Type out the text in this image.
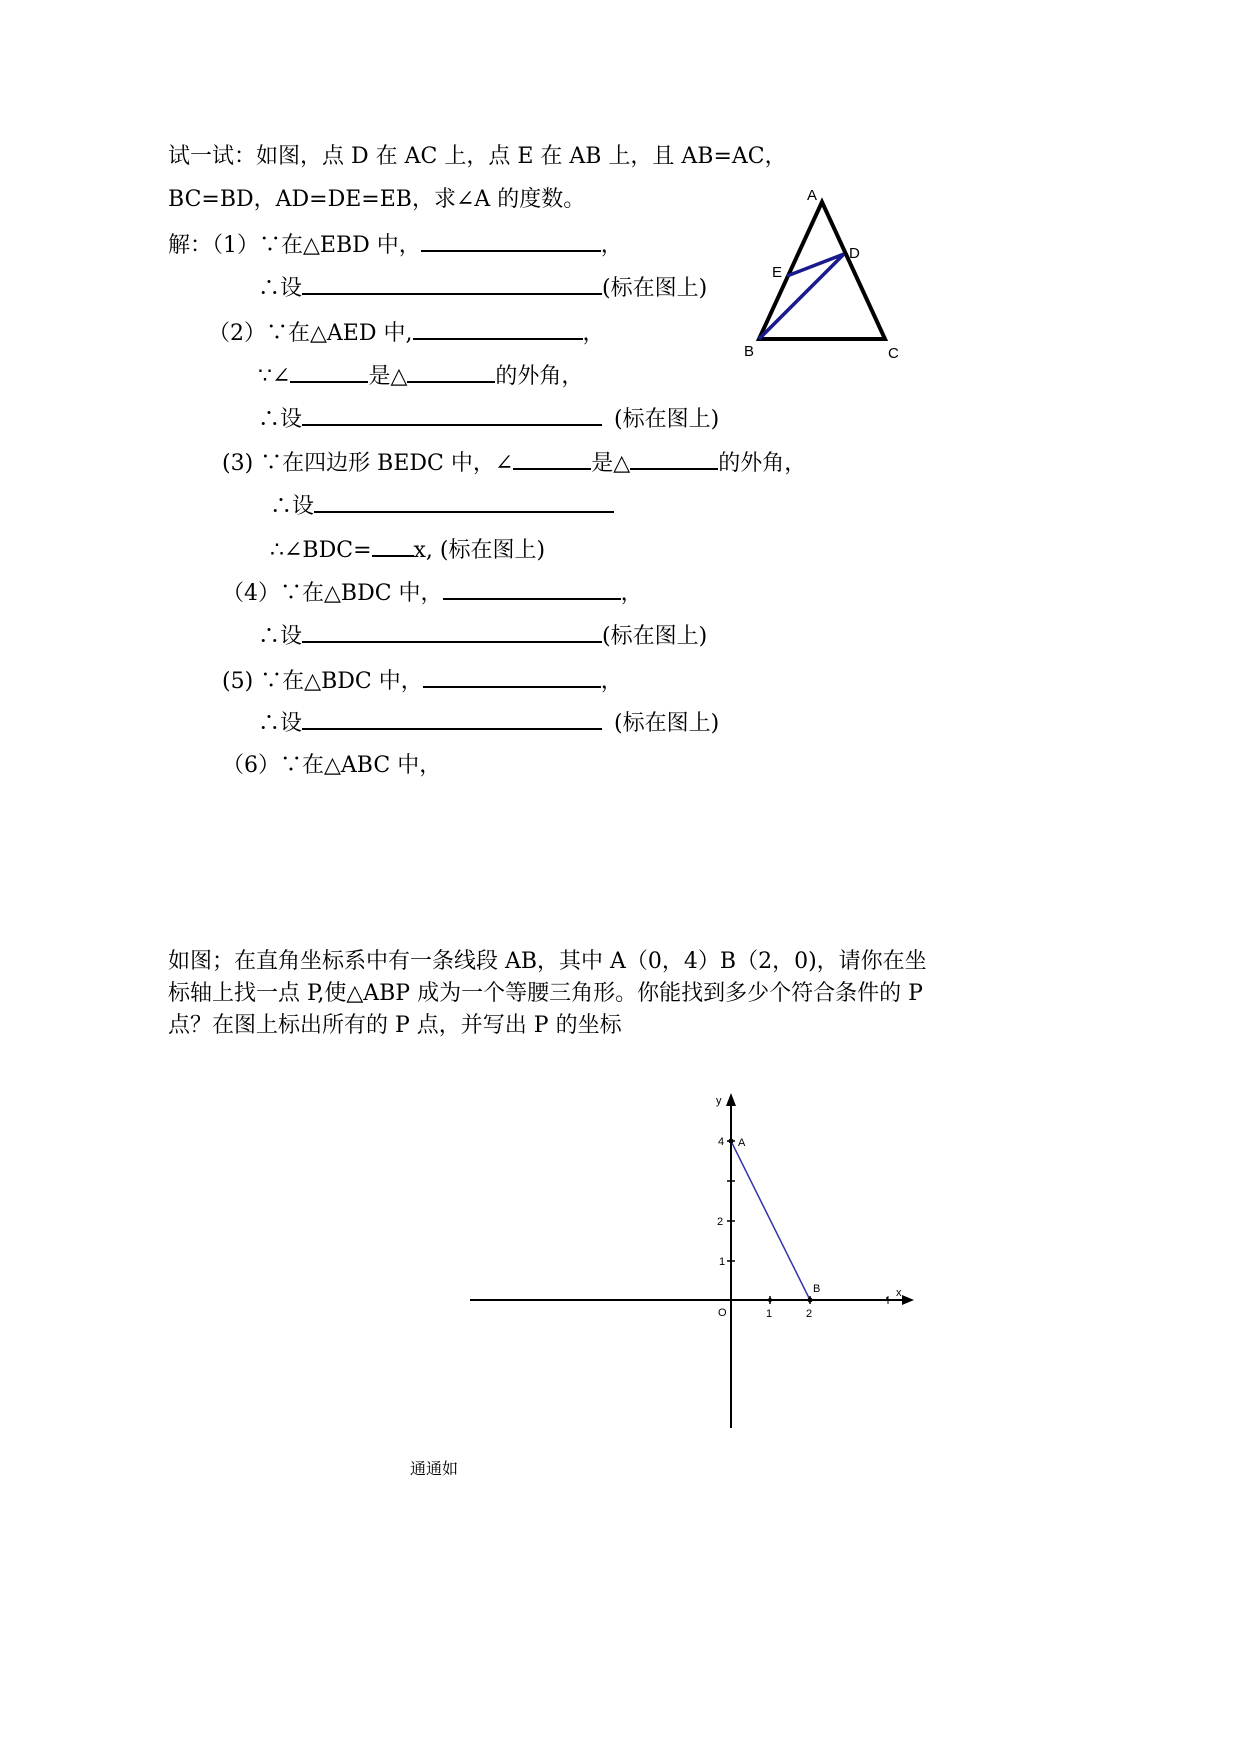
试一试：如图，点 D 在 AC 上，点 E 在 AB 上，且 AB=AC，
BC=BD，AD=DE=EB，求∠A 的度数。
解：（1）∵在△EBD 中，	，
∴设	(标在图上)
（2）∵在△AED 中,	，
∵∠	是△	的外角，
∴设	(标在图上)
(3) ∵在四边形 BEDC 中，∠	是△	的外角，
∴设
∴∠BDC= x, (标在图上)
（4）∵在△BDC 中，	，
∴设	(标在图上)
(5) ∵在△BDC 中，	，
∴设	(标在图上)
（6）∵在△ABC 中，
A
B	C
D
E
如图；在直角坐标系中有一条线段 AB，其中 A（0，4）B（2，0)，请你在坐标轴上找一点 P,使△ABP 成为一个等腰三角形。你能找到多少个符合条件的 P 点？在图上标出所有的 P 点，并写出 P 的坐标
y
x
O
A
B
1	2
1
2
4
通通如
